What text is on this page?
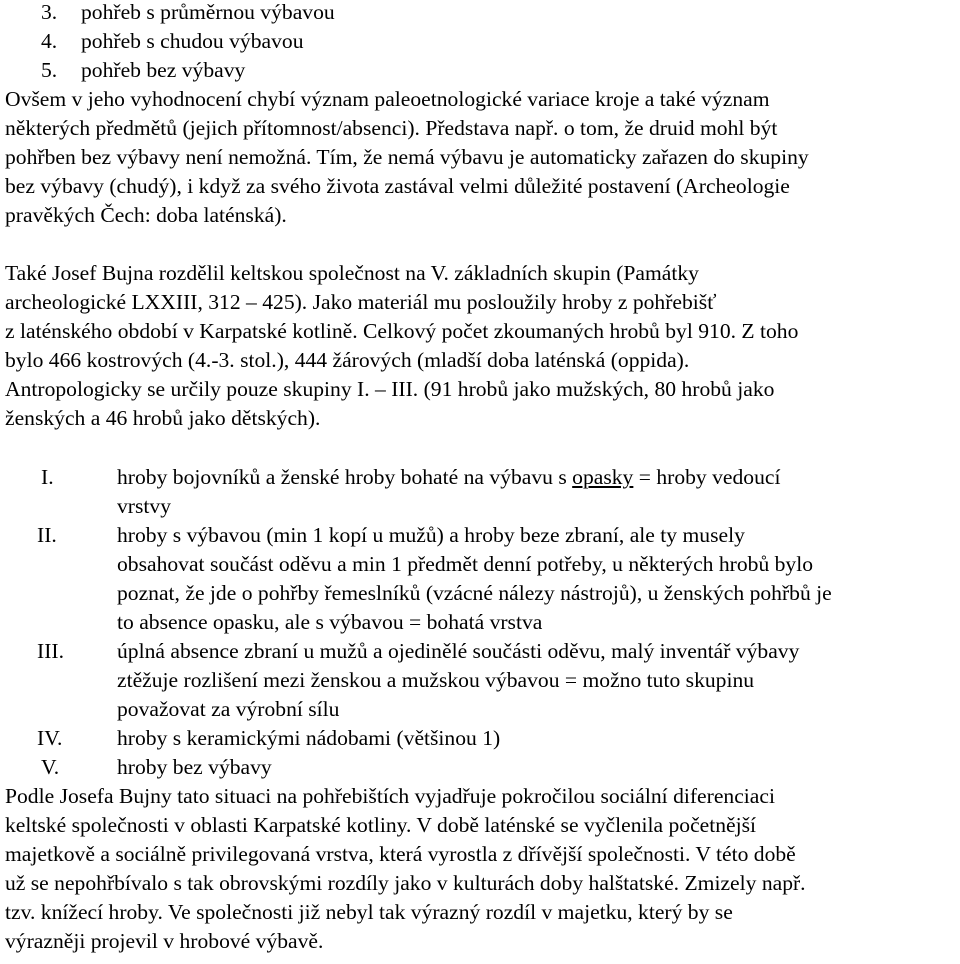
3. pohřeb s průměrnou výbavou
4. pohřeb s chudou výbavou
5. pohřeb bez výbavy
Ovšem v jeho vyhodnocení chybí význam paleoetnologické variace kroje a také význam
některých předmětů (jejich přítomnost/absenci). Představa např. o tom, že druid mohl být
pohřben bez výbavy není nemožná. Tím, že nemá výbavu je automaticky zařazen do skupiny
bez výbavy (chudý), i když za svého života zastával velmi důležité postavení (Archeologie
pravěkých Čech: doba laténská).
Také Josef Bujna rozdělil keltskou společnost na V. základních skupin (Památky
archeologické LXXIII, 312 – 425). Jako materiál mu posloužily hroby z pohřebišť
z laténského období v Karpatské kotlině. Celkový počet zkoumaných hrobů byl 910. Z toho
bylo 466 kostrových (4.-3. stol.), 444 žárových (mladší doba laténská (oppida).
Antropologicky se určily pouze skupiny I. – III. (91 hrobů jako mužských, 80 hrobů jako
ženských a 46 hrobů jako dětských).
I.	hroby bojovníků a ženské hroby bohaté na výbavu s opasky = hroby vedoucí
vrstvy
II.	hroby s výbavou (min 1 kopí u mužů) a hroby beze zbraní, ale ty musely
obsahovat součást oděvu a min 1 předmět denní potřeby, u některých hrobů bylo
poznat, že jde o pohřby řemeslníků (vzácné nálezy nástrojů), u ženských pohřbů je
to absence opasku, ale s výbavou = bohatá vrstva
III.	úplná absence zbraní u mužů a ojedinělé součásti oděvu, malý inventář výbavy
ztěžuje rozlišení mezi ženskou a mužskou výbavou = možno tuto skupinu
považovat za výrobní sílu
IV.	hroby s keramickými nádobami (většinou 1)
V.	hroby bez výbavy
Podle Josefa Bujny tato situaci na pohřebištích vyjadřuje pokročilou sociální diferenciaci
keltské společnosti v oblasti Karpatské kotliny. V době laténské se vyčlenila početnější
majetkově a sociálně privilegovaná vrstva, která vyrostla z dřívější společnosti. V této době
už se nepohřbívalo s tak obrovskými rozdíly jako v kulturách doby halštatské. Zmizely např.
tzv. knížecí hroby. Ve společnosti již nebyl tak výrazný rozdíl v majetku, který by se
výrazněji projevil v hrobové výbavě.
